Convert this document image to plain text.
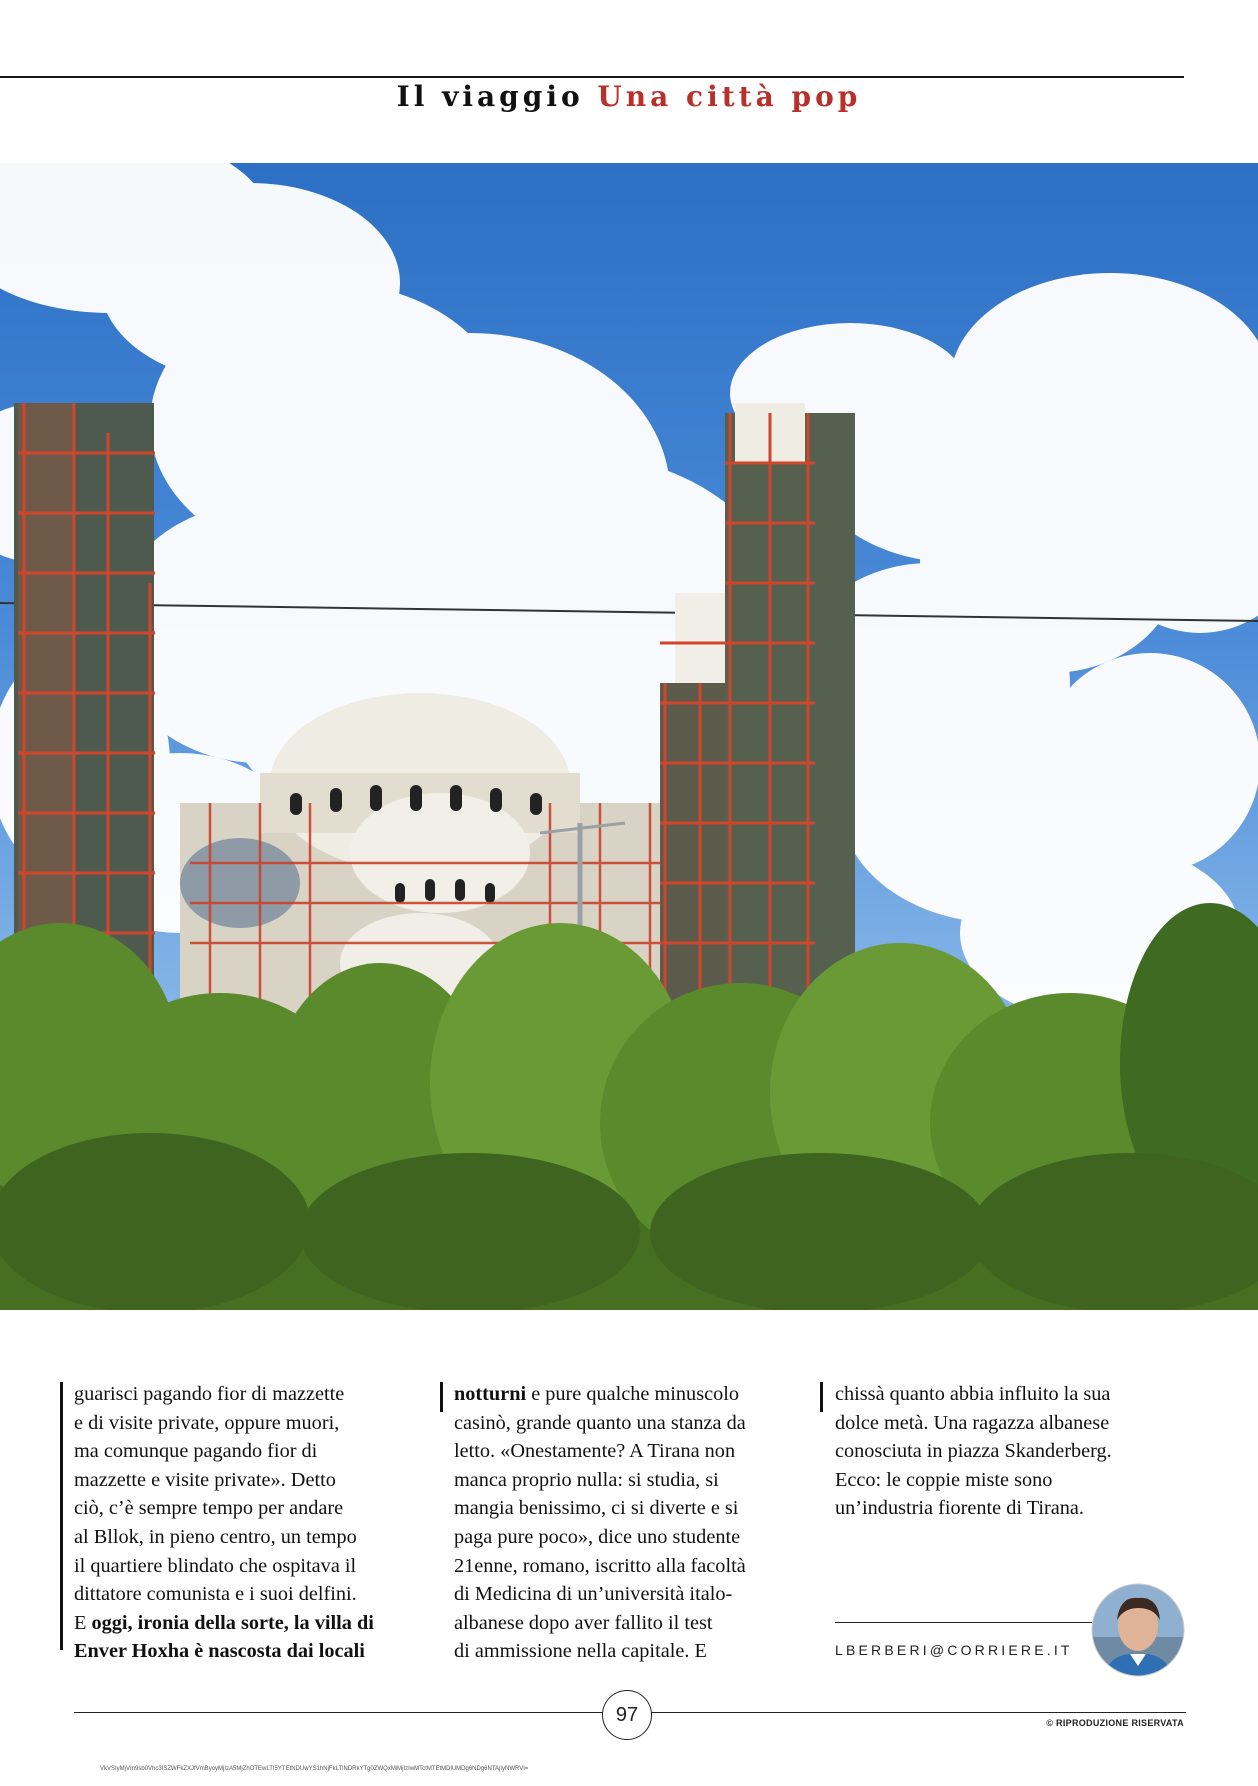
Il viaggio Una città pop

guarisci pagando fior di mazzette

e di visite private, oppure muori,

ma comunque pagando fior di

mazzette e visite private». Detto

ciò, c’è sempre tempo per andare

al Bllok, in pieno centro, un tempo

il quartiere blindato che ospitava il

dittatore comunista e i suoi delfini.

E oggi, ironia della sorte, la villa di

Enver Hoxha è nascosta dai locali

notturni e pure qualche minuscolo

casinò, grande quanto una stanza da

letto. «Onestamente? A Tirana non

manca proprio nulla: si studia, si

mangia benissimo, ci si diverte e si

paga pure poco», dice uno studente

21enne, romano, iscritto alla facoltà

di Medicina di un’università italo-

albanese dopo aver fallito il test

di ammissione nella capitale. E

chissà quanto abbia influito la sua

dolce metà. Una ragazza albanese

conosciuta in piazza Skanderberg.

Ecco: le coppie miste sono

un’industria fiorente di Tirana.

LBERBERI@CORRIERE.IT
97	© RIPRODUZIONE RISERVATA
VkVSIyMjVm9sb0Vhc3ISZWFkZXJfVmByoyMjIzA5MjZhOTEwLTI5YTEtNDUwYS1hNjFkLTlNDRkYTg0ZWQxMiMjIzIwMTctMTEtMDlUMDg6NDg6NTAjIyNWRVI=
